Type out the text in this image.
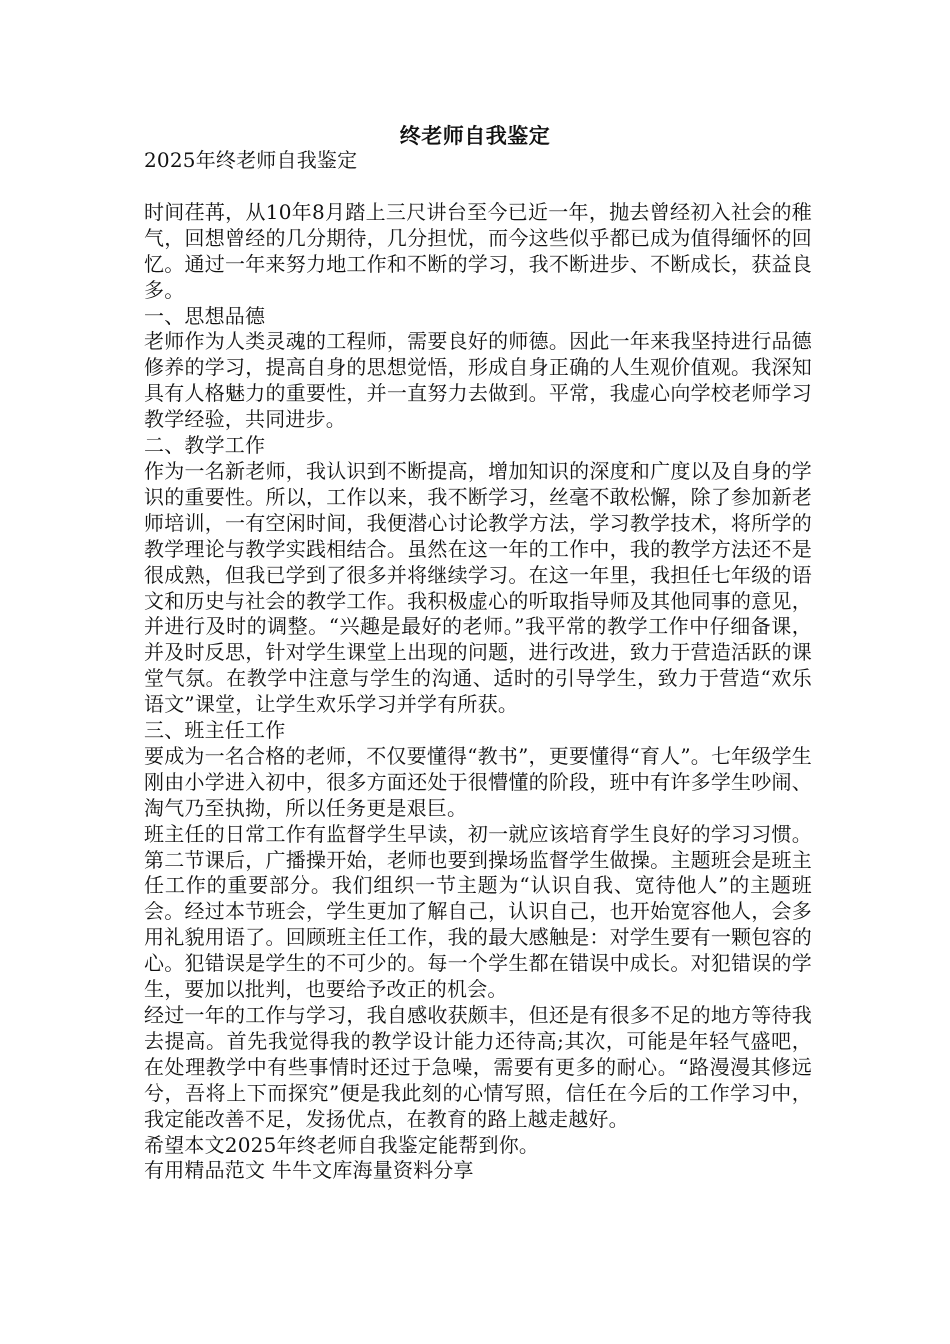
终老师自我鉴定

2025年终老师自我鉴定

时间荏苒，从10年8月踏上三尺讲台至今已近一年，抛去曾经初入社会的稚气，回想曾经的几分期待，几分担忧，而今这些似乎都已成为值得缅怀的回忆。通过一年来努力地工作和不断的学习，我不断进步、不断成长，获益良多。

一、思想品德

老师作为人类灵魂的工程师，需要良好的师德。因此一年来我坚持进行品德修养的学习，提高自身的思想觉悟，形成自身正确的人生观价值观。我深知具有人格魅力的重要性，并一直努力去做到。平常，我虚心向学校老师学习教学经验，共同进步。

二、教学工作

作为一名新老师，我认识到不断提高，增加知识的深度和广度以及自身的学识的重要性。所以，工作以来，我不断学习，丝毫不敢松懈，除了参加新老师培训，一有空闲时间，我便潜心讨论教学方法，学习教学技术，将所学的教学理论与教学实践相结合。虽然在这一年的工作中，我的教学方法还不是很成熟，但我已学到了很多并将继续学习。在这一年里，我担任七年级的语文和历史与社会的教学工作。我积极虚心的听取指导师及其他同事的意见，并进行及时的调整。“兴趣是最好的老师。”我平常的教学工作中仔细备课，并及时反思，针对学生课堂上出现的问题，进行改进，致力于营造活跃的课堂气氛。在教学中注意与学生的沟通、适时的引导学生，致力于营造“欢乐语文”课堂，让学生欢乐学习并学有所获。

三、班主任工作

要成为一名合格的老师，不仅要懂得“教书”，更要懂得“育人”。七年级学生刚由小学进入初中，很多方面还处于很懵懂的阶段，班中有许多学生吵闹、淘气乃至执拗，所以任务更是艰巨。

班主任的日常工作有监督学生早读，初一就应该培育学生良好的学习习惯。第二节课后，广播操开始，老师也要到操场监督学生做操。主题班会是班主任工作的重要部分。我们组织一节主题为“认识自我、宽待他人”的主题班会。经过本节班会，学生更加了解自己，认识自己，也开始宽容他人，会多用礼貌用语了。回顾班主任工作，我的最大感触是：对学生要有一颗包容的心。犯错误是学生的不可少的。每一个学生都在错误中成长。对犯错误的学生，要加以批判，也要给予改正的机会。

经过一年的工作与学习，我自感收获颇丰，但还是有很多不足的地方等待我去提高。首先我觉得我的教学设计能力还待高;其次，可能是年轻气盛吧，在处理教学中有些事情时还过于急噪，需要有更多的耐心。“路漫漫其修远兮，吾将上下而探究”便是我此刻的心情写照，信任在今后的工作学习中，我定能改善不足，发扬优点，在教育的路上越走越好。

希望本文2025年终老师自我鉴定能帮到你。

有用精品范文 牛牛文库海量资料分享
